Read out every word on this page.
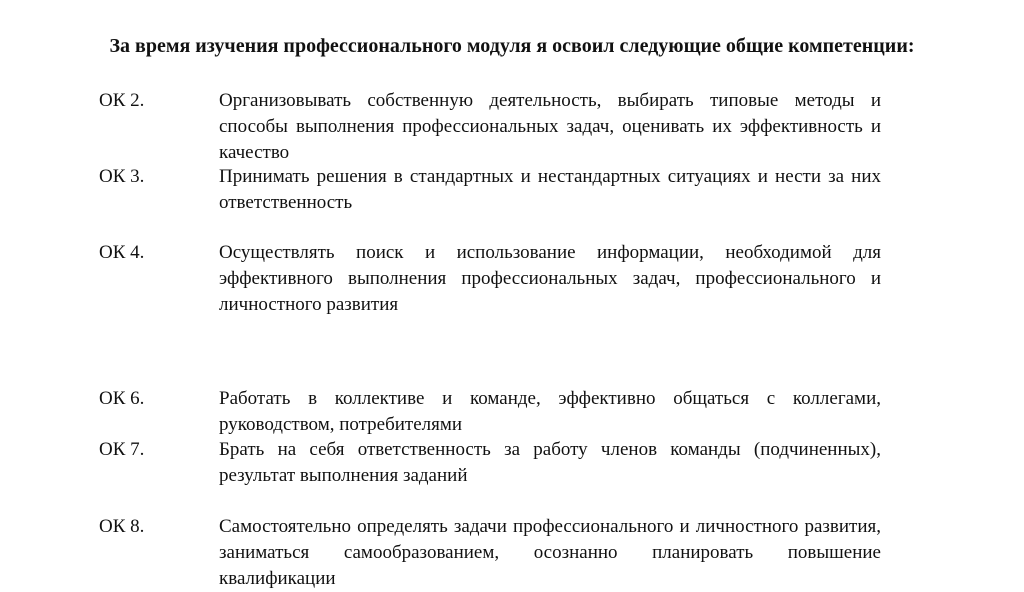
За время изучения профессионального модуля я освоил следующие общие компетенции:
ОК 2.	Организовывать собственную деятельность, выбирать типовые методы и способы выполнения профессиональных задач, оценивать их эффективность и качество
ОК 3.	Принимать решения в стандартных и нестандартных ситуациях и нести за них ответственность
ОК 4.	Осуществлять поиск и использование информации, необходимой для эффективного выполнения профессиональных задач, профессионального и личностного развития
ОК 6.	Работать в коллективе и команде, эффективно общаться с коллегами, руководством, потребителями
ОК 7.	Брать на себя ответственность за работу членов команды (подчиненных), результат выполнения заданий
ОК 8.	Самостоятельно определять задачи профессионального и личностного развития, заниматься самообразованием, осознанно планировать повышение квалификации
